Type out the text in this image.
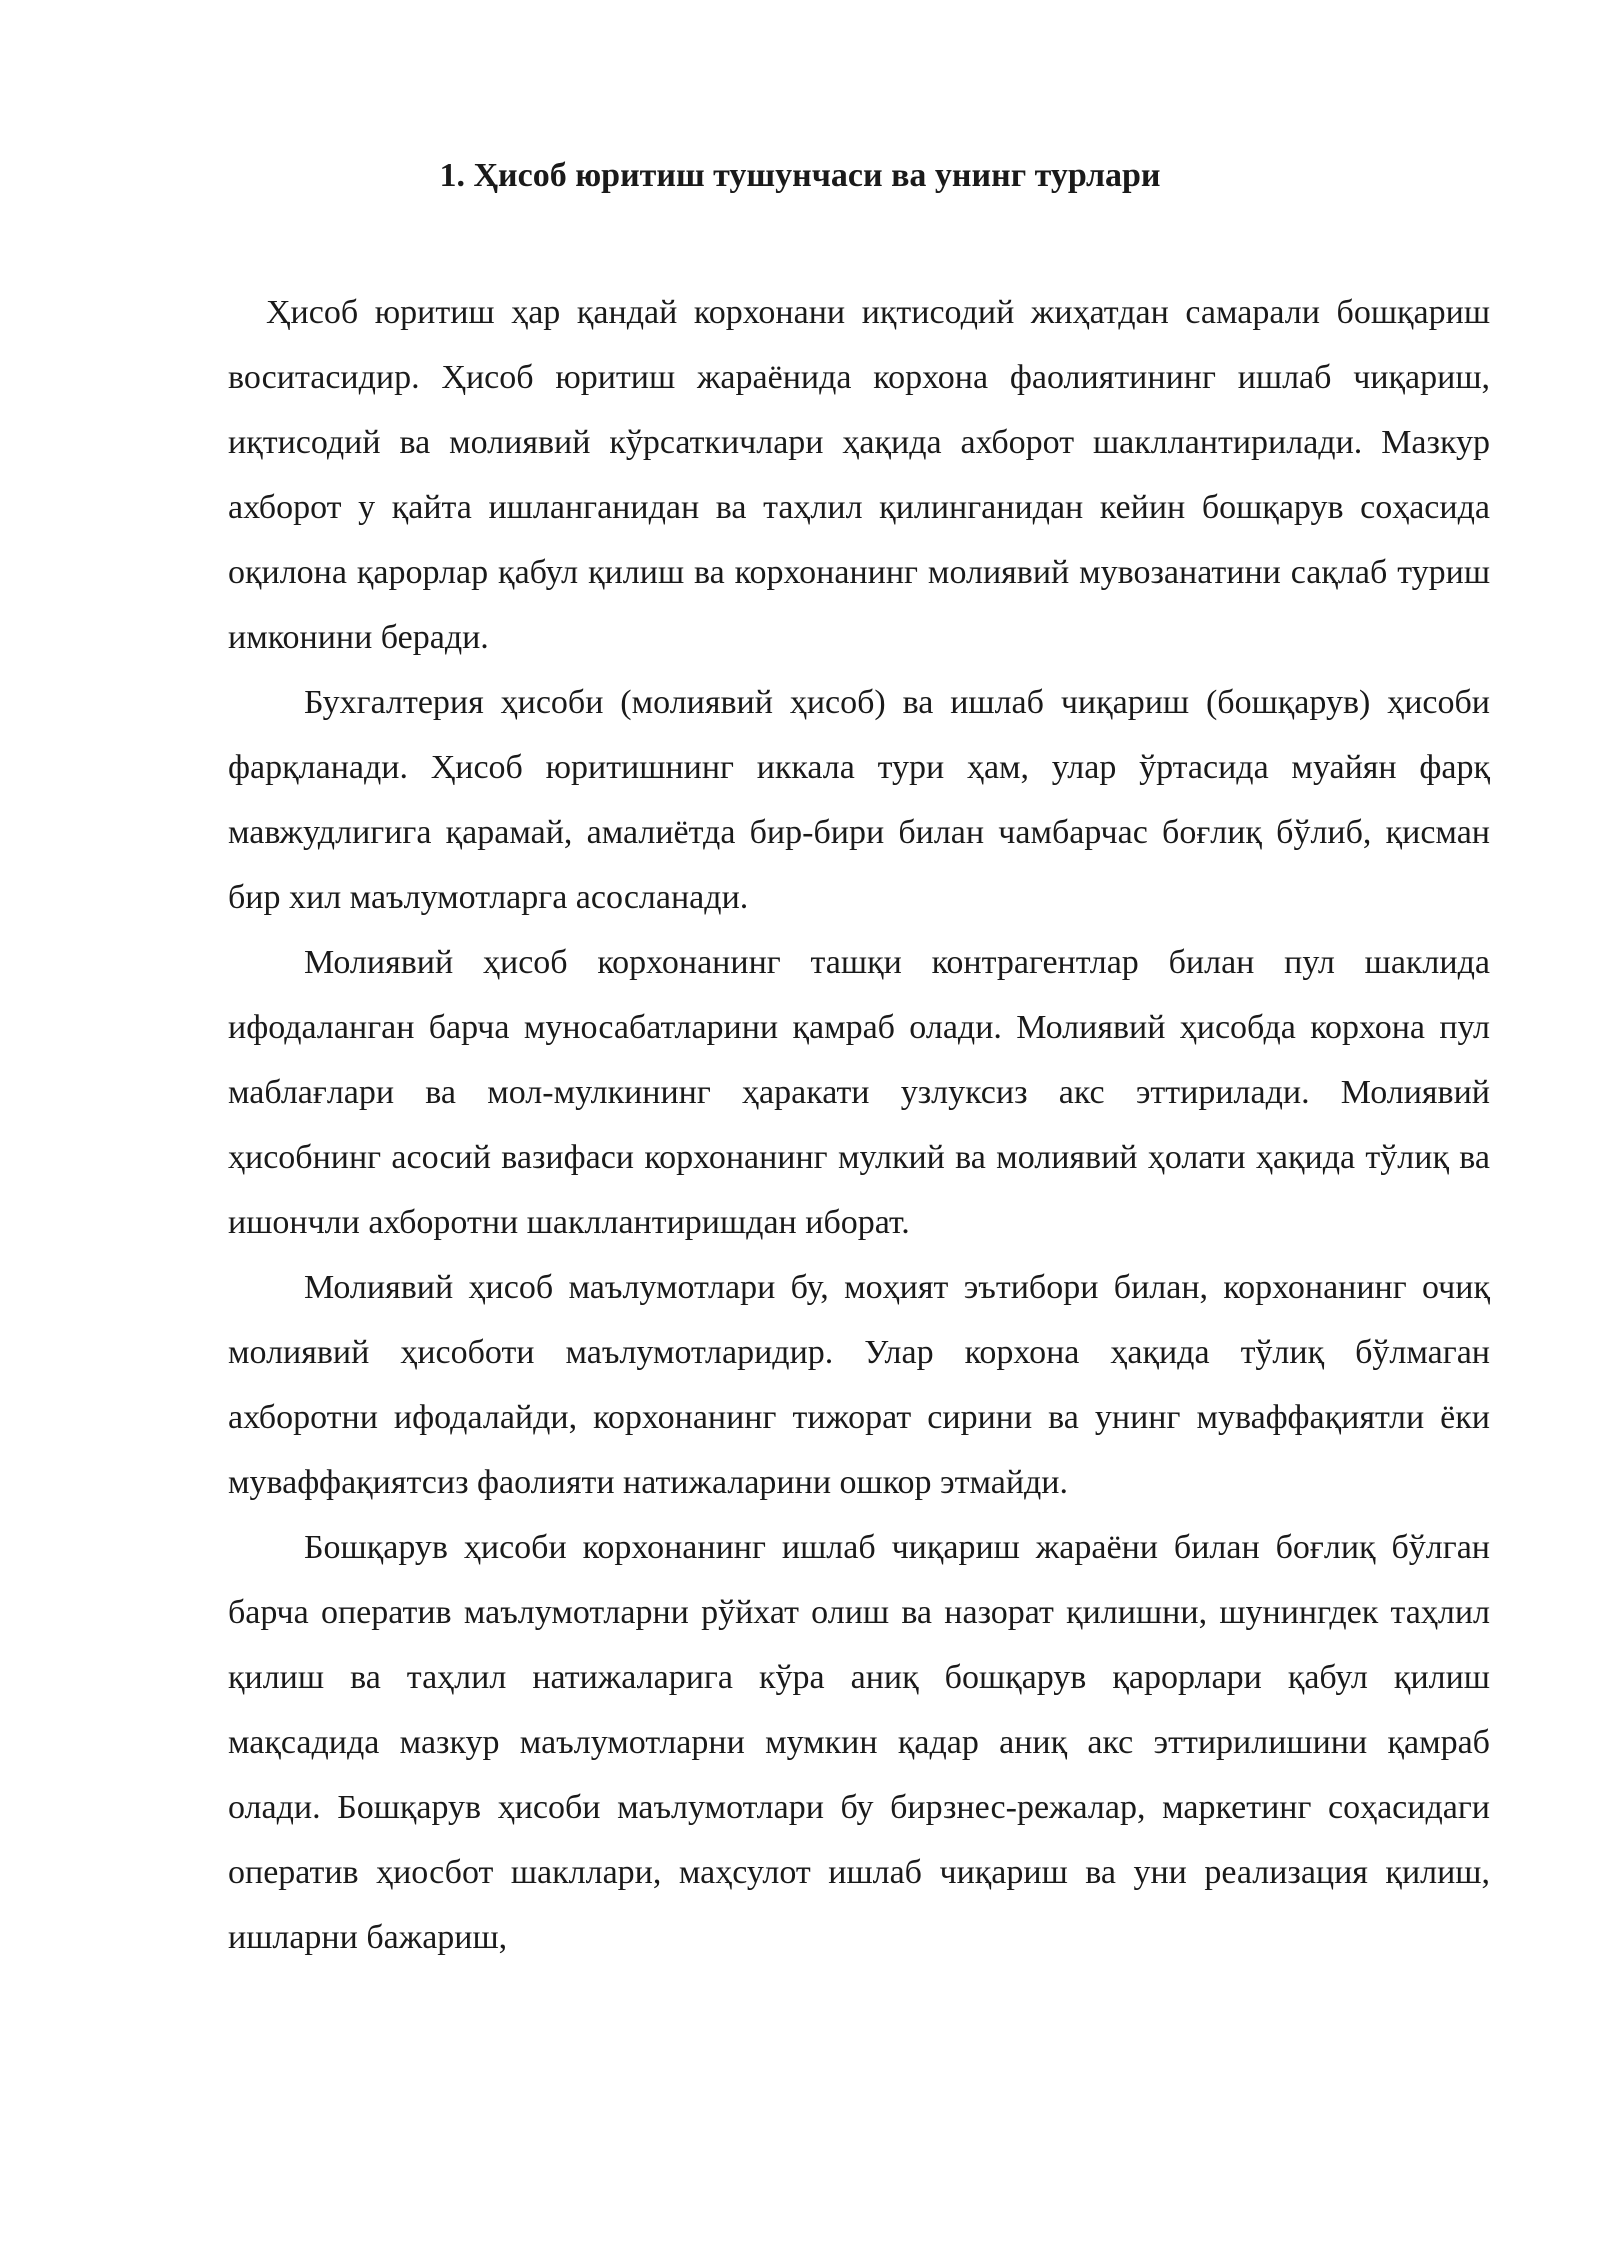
1. Ҳисоб юритиш тушунчаси ва унинг турлари

Ҳисоб юритиш ҳар қандай корхонани иқтисодий жиҳатдан самарали бошқариш воситасидир. Ҳисоб юритиш жараёнида корхона фаолиятининг ишлаб чиқариш, иқтисодий ва молиявий кўрсаткичлари ҳақида ахборот шакллантирилади. Мазкур ахборот у қайта ишланганидан ва таҳлил қилинганидан кейин бошқарув соҳасида оқилона қарорлар қабул қилиш ва корхонанинг молиявий мувозанатини сақлаб туриш имконини беради.

Бухгалтерия ҳисоби (молиявий ҳисоб) ва ишлаб чиқариш (бошқарув) ҳисоби фарқланади. Ҳисоб юритишнинг иккала тури ҳам, улар ўртасида муайян фарқ мавжудлигига қарамай, амалиётда бир-бири билан чамбарчас боғлиқ бўлиб, қисман бир хил маълумотларга асосланади.

Молиявий ҳисоб корхонанинг ташқи контрагентлар билан пул шаклида ифодаланган барча муносабатларини қамраб олади. Молиявий ҳисобда корхона пул маблағлари ва мол-мулкининг ҳаракати узлуксиз акс эттирилади. Молиявий ҳисобнинг асосий вазифаси корхонанинг мулкий ва молиявий ҳолати ҳақида тўлиқ ва ишончли ахборотни шакллантиришдан иборат.

Молиявий ҳисоб маълумотлари бу, моҳият эътибори билан, корхонанинг очиқ молиявий ҳисоботи маълумотларидир. Улар корхона ҳақида тўлиқ бўлмаган ахборотни ифодалайди, корхонанинг тижорат сирини ва унинг муваффақиятли ёки муваффақиятсиз фаолияти натижаларини ошкор этмайди.

Бошқарув ҳисоби корхонанинг ишлаб чиқариш жараёни билан боғлиқ бўлган барча оператив маълумотларни рўйхат олиш ва назорат қилишни, шунингдек таҳлил қилиш ва таҳлил натижаларига кўра аниқ бошқарув қарорлари қабул қилиш мақсадида мазкур маълумотларни мумкин қадар аниқ акс эттирилишини қамраб олади. Бошқарув ҳисоби маълумотлари бу бирзнес-режалар, маркетинг соҳасидаги оператив ҳиосбот шакллари, маҳсулот ишлаб чиқариш ва уни реализация қилиш, ишларни бажариш,
